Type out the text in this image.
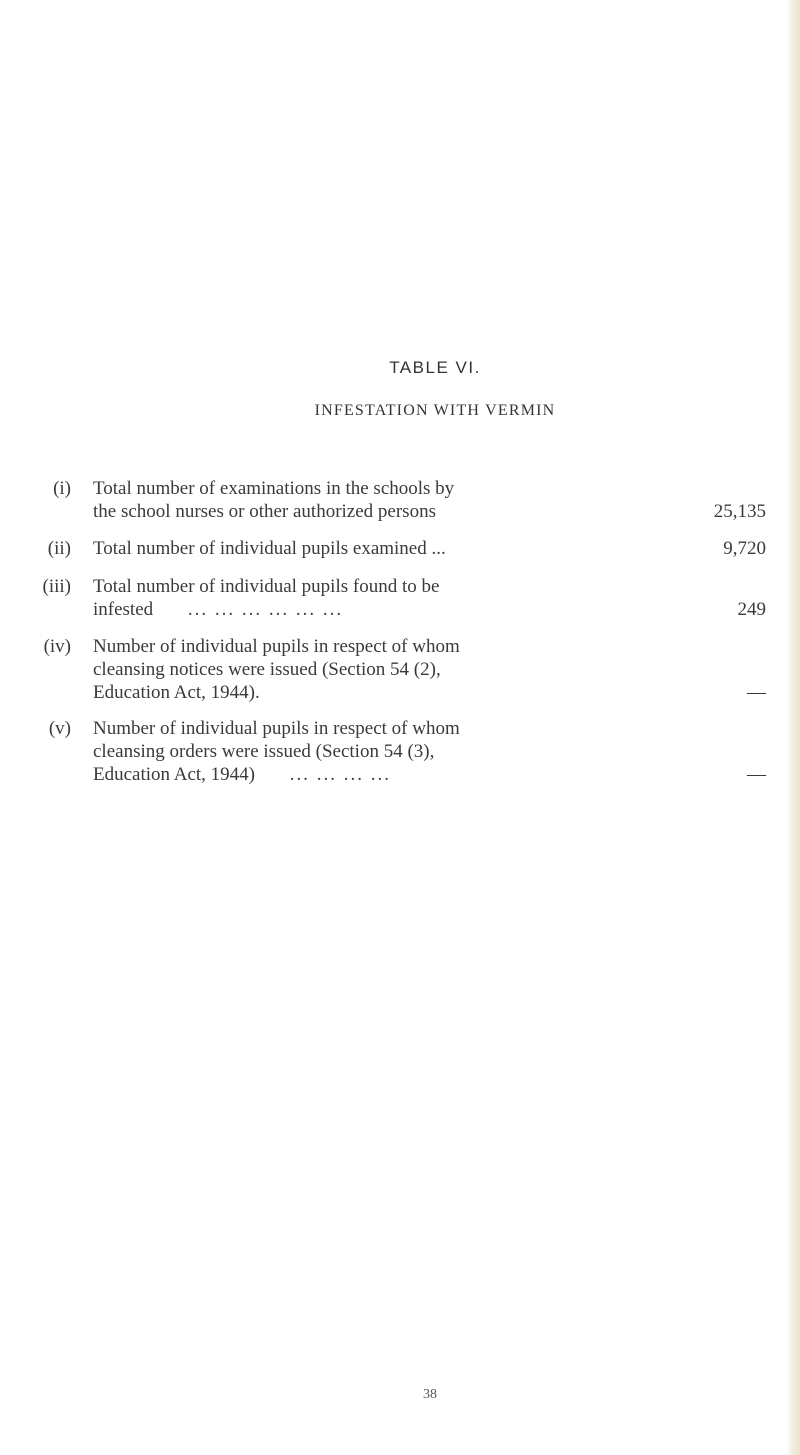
TABLE VI.
INFESTATION WITH VERMIN
(i) Total number of examinations in the schools by
the school nurses or other authorized persons	25,135
(ii) Total number of individual pupils examined ...	9,720
(iii) Total number of individual pupils found to be
infested ... ... ... ... ... ...	249
(iv) Number of individual pupils in respect of whom
cleansing notices were issued (Section 54 (2),
Education Act, 1944).	—
(v) Number of individual pupils in respect of whom
cleansing orders were issued (Section 54 (3),
Education Act, 1944) ... ... ... ...	—
38
